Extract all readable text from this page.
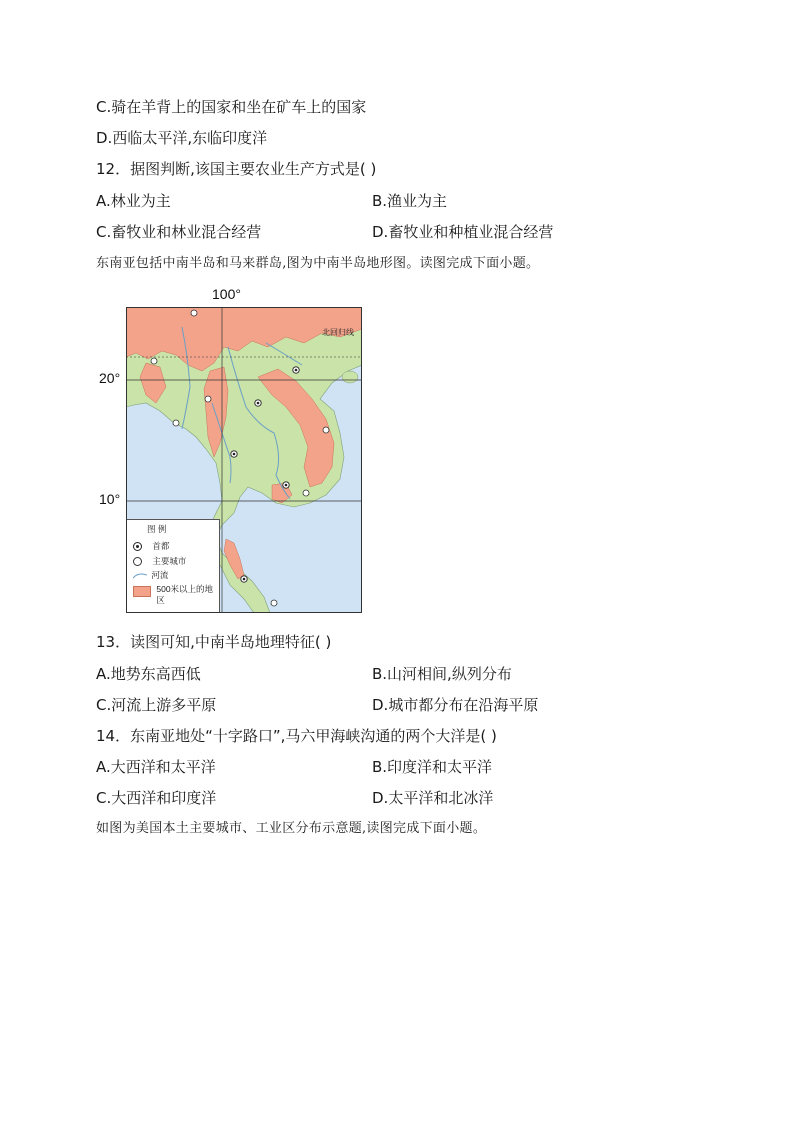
C.骑在羊背上的国家和坐在矿车上的国家
D.西临太平洋,东临印度洋
12．据图判断,该国主要农业生产方式是( )
A.林业为主	B.渔业为主
C.畜牧业和林业混合经营	D.畜牧业和种植业混合经营
东南亚包括中南半岛和马来群岛,图为中南半岛地形图。读图完成下面小题。
100°
20°
10°
北回归线
图 例
首都
主要城市
河流
500米以上的地区
13．读图可知,中南半岛地理特征( )
A.地势东高西低	B.山河相间,纵列分布
C.河流上游多平原	D.城市都分布在沿海平原
14．东南亚地处“十字路口”,马六甲海峡沟通的两个大洋是( )
A.大西洋和太平洋	B.印度洋和太平洋
C.大西洋和印度洋	D.太平洋和北冰洋
如图为美国本土主要城市、工业区分布示意题,读图完成下面小题。
